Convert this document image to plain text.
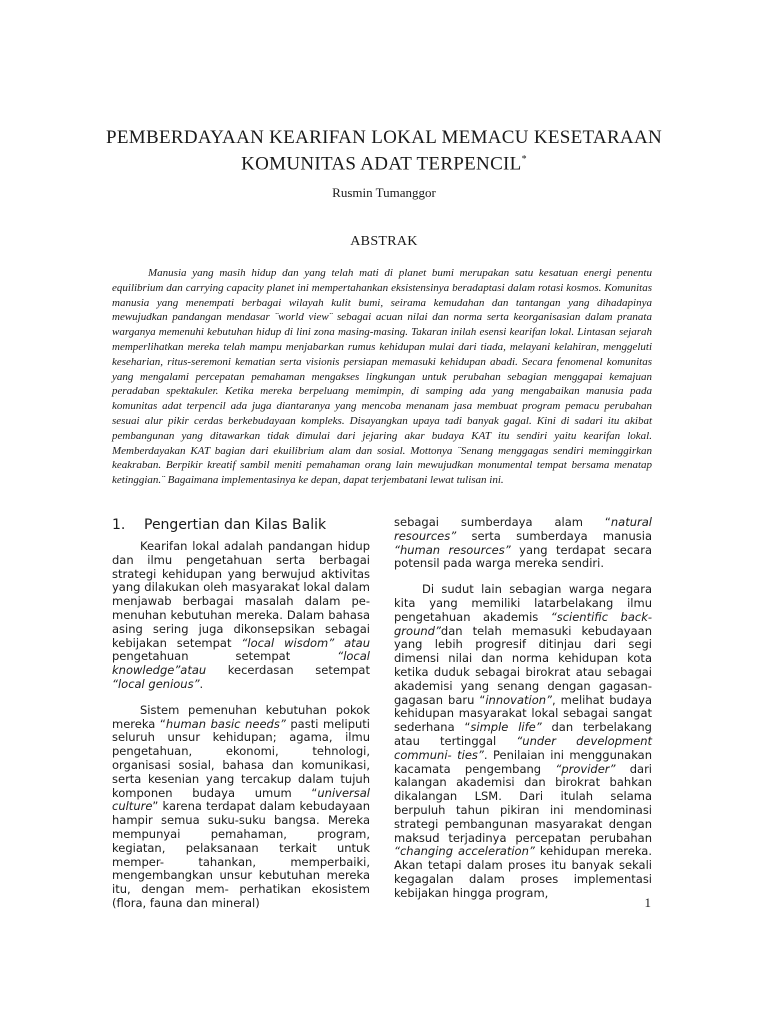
PEMBERDAYAAN KEARIFAN LOKAL MEMACU KESETARAAN
KOMUNITAS ADAT TERPENCIL*
Rusmin Tumanggor
ABSTRAK

Manusia yang masih hidup dan yang telah mati di planet bumi merupakan satu kesatuan energi penentu equilibrium dan carrying capacity planet ini mempertahankan eksistensinya beradaptasi dalam rotasi kosmos. Komunitas manusia yang menempati berbagai wilayah kulit bumi, seirama kemudahan dan tantangan yang dihadapinya mewujudkan pandangan mendasar ¨world view¨ sebagai acuan nilai dan norma serta keorganisasian dalam pranata warganya memenuhi kebutuhan hidup di lini zona masing-masing. Takaran inilah esensi kearifan lokal. Lintasan sejarah memperlihatkan mereka telah mampu menjabarkan rumus kehidupan mulai dari tiada, melayani kelahiran, menggeluti keseharian, ritus-seremoni kematian serta visionis persiapan memasuki kehidupan abadi. Secara fenomenal komunitas yang mengalami percepatan pemahaman mengakses lingkungan untuk perubahan sebagian menggapai kemajuan peradaban spektakuler. Ketika mereka berpeluang memimpin, di samping ada yang mengabaikan manusia pada komunitas adat terpencil ada juga diantaranya yang mencoba menanam jasa membuat program pemacu perubahan sesuai alur pikir cerdas berkebudayaan kompleks. Disayangkan upaya tadi banyak gagal. Kini di sadari itu akibat pembangunan yang ditawarkan tidak dimulai dari jejaring akar budaya KAT itu sendiri yaitu kearifan lokal. Memberdayakan KAT bagian dari ekuilibrium alam dan sosial. Mottonya ¨Senang menggagas sendiri meminggirkan keakraban. Berpikir kreatif sambil meniti pemahaman orang lain mewujudkan monumental tempat bersama menatap ketinggian.¨ Bagaimana implementasinya ke depan, dapat terjembatani lewat tulisan ini.

1.	Pengertian dan Kilas Balik

Kearifan lokal adalah pandangan hidup dan ilmu pengetahuan serta berbagai strategi kehidupan yang berwujud aktivitas yang dilakukan oleh masyarakat lokal dalam menjawab berbagai masalah dalam pe- menuhan kebutuhan mereka. Dalam bahasa asing sering juga dikonsepsikan sebagai kebijakan setempat “local wisdom” atau pengetahuan setempat “local knowledge”atau kecerdasan setempat “local genious”.

Sistem pemenuhan kebutuhan pokok mereka “human basic needs” pasti meliputi seluruh unsur kehidupan; agama, ilmu pengetahuan, ekonomi, tehnologi, organisasi sosial, bahasa dan komunikasi, serta kesenian yang tercakup dalam tujuh komponen budaya umum “universal culture” karena terdapat dalam kebudayaan hampir semua suku-suku bangsa. Mereka mempunyai pemahaman, program, kegiatan, pelaksanaan terkait untuk memper- tahankan, memperbaiki, mengembangkan unsur kebutuhan mereka itu, dengan mem- perhatikan ekosistem (flora, fauna dan mineral)

sebagai sumberdaya alam “natural resources” serta sumberdaya manusia “human resources” yang terdapat secara potensil pada warga mereka sendiri.

Di sudut lain sebagian warga negara kita yang memiliki latarbelakang ilmu pengetahuan akademis “scientific back- ground”dan telah memasuki kebudayaan yang lebih progresif ditinjau dari segi dimensi nilai dan norma kehidupan kota ketika duduk sebagai birokrat atau sebagai akademisi yang senang dengan gagasan- gagasan baru “innovation”, melihat budaya kehidupan masyarakat lokal sebagai sangat sederhana “simple life” dan terbelakang atau tertinggal “under development communi- ties”. Penilaian ini menggunakan kacamata pengembang “provider” dari kalangan akademisi dan birokrat bahkan dikalangan LSM. Dari itulah selama berpuluh tahun pikiran ini mendominasi strategi pembangunan masyarakat dengan maksud terjadinya percepatan perubahan “changing acceleration” kehidupan mereka. Akan tetapi dalam proses itu banyak sekali kegagalan dalam proses implementasi kebijakan hingga program,

1
